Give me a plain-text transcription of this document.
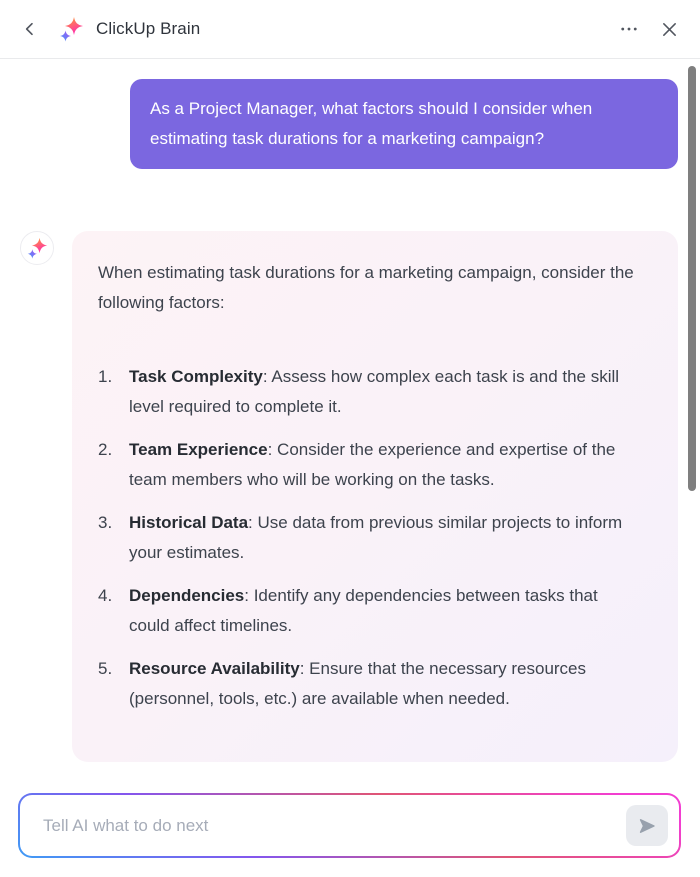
ClickUp Brain
As a Project Manager, what factors should I consider when estimating task durations for a marketing campaign?

When estimating task durations for a marketing campaign, consider the following factors:

1. Task Complexity: Assess how complex each task is and the skill level required to complete it.
2. Team Experience: Consider the experience and expertise of the team members who will be working on the tasks.
3. Historical Data: Use data from previous similar projects to inform your estimates.
4. Dependencies: Identify any dependencies between tasks that could affect timelines.
5. Resource Availability: Ensure that the necessary resources (personnel, tools, etc.) are available when needed.
Tell AI what to do next
